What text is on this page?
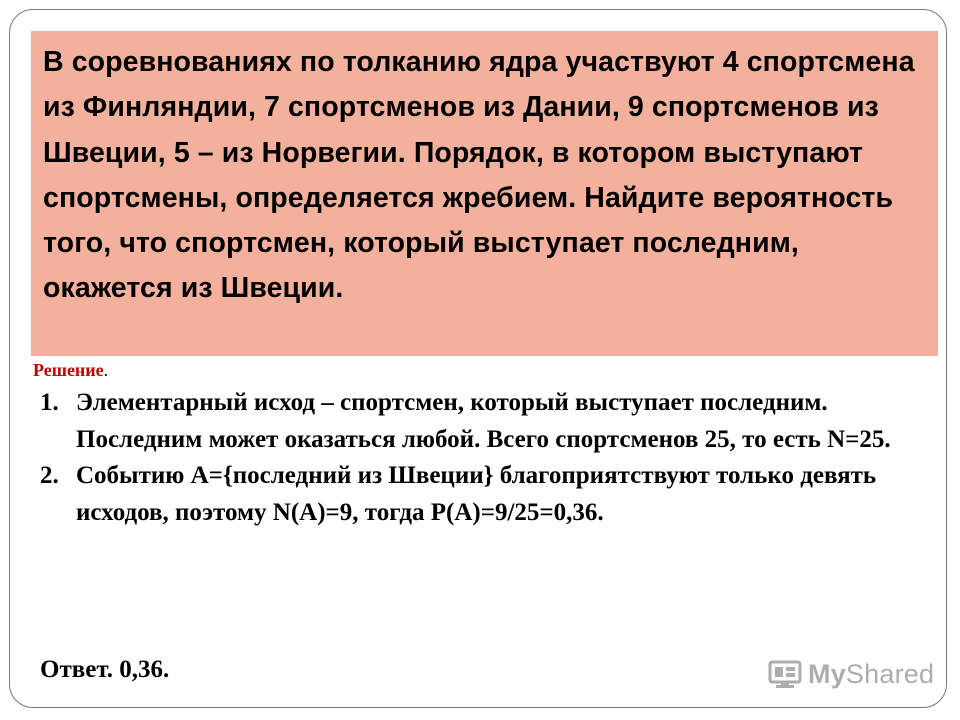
В соревнованиях по толканию ядра участвуют 4 спортсмена из Финляндии, 7 спортсменов из Дании, 9 спортсменов из Швеции, 5 – из Норвегии. Порядок, в котором выступают спортсмены, определяется жребием. Найдите вероятность того, что спортсмен, который выступает последним, окажется из Швеции.

Решение.
1. Элементарный исход – спортсмен, который выступает последним. Последним может оказаться любой. Всего спортсменов 25, то есть N=25.
2. Событию А={последний из Швеции} благоприятствуют только девять исходов, поэтому N(A)=9, тогда P(A)=9/25=0,36.
Ответ. 0,36.	MyShared
